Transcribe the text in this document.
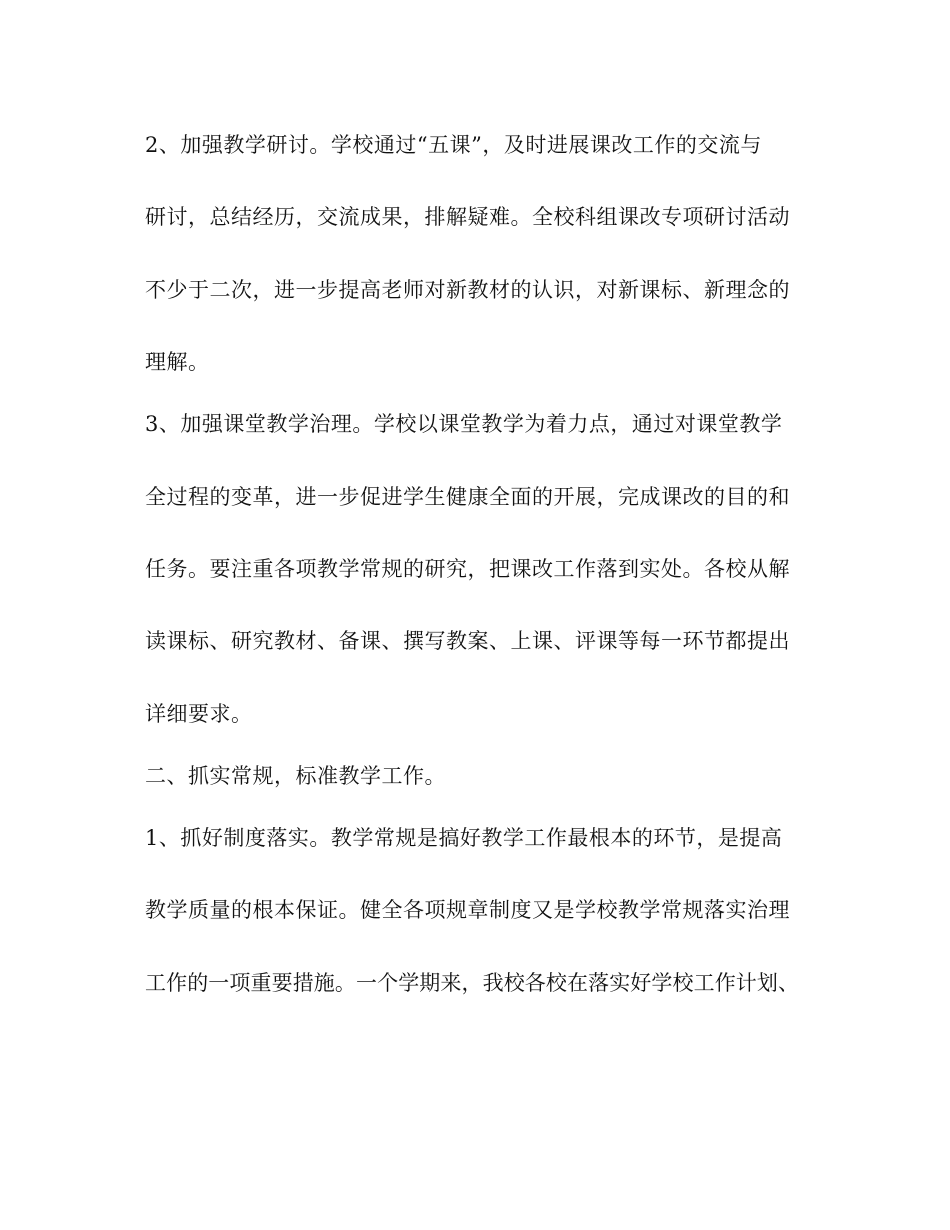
2、加强教学研讨。学校通过“五课”，及时进展课改工作的交流与
研讨，总结经历，交流成果，排解疑难。全校科组课改专项研讨活动
不少于二次，进一步提高老师对新教材的认识，对新课标、新理念的
理解。
3、加强课堂教学治理。学校以课堂教学为着力点，通过对课堂教学
全过程的变革，进一步促进学生健康全面的开展，完成课改的目的和
任务。要注重各项教学常规的研究，把课改工作落到实处。各校从解
读课标、研究教材、备课、撰写教案、上课、评课等每一环节都提出
详细要求。
二、抓实常规，标准教学工作。
1、抓好制度落实。教学常规是搞好教学工作最根本的环节，是提高
教学质量的根本保证。健全各项规章制度又是学校教学常规落实治理
工作的一项重要措施。一个学期来，我校各校在落实好学校工作计划、
